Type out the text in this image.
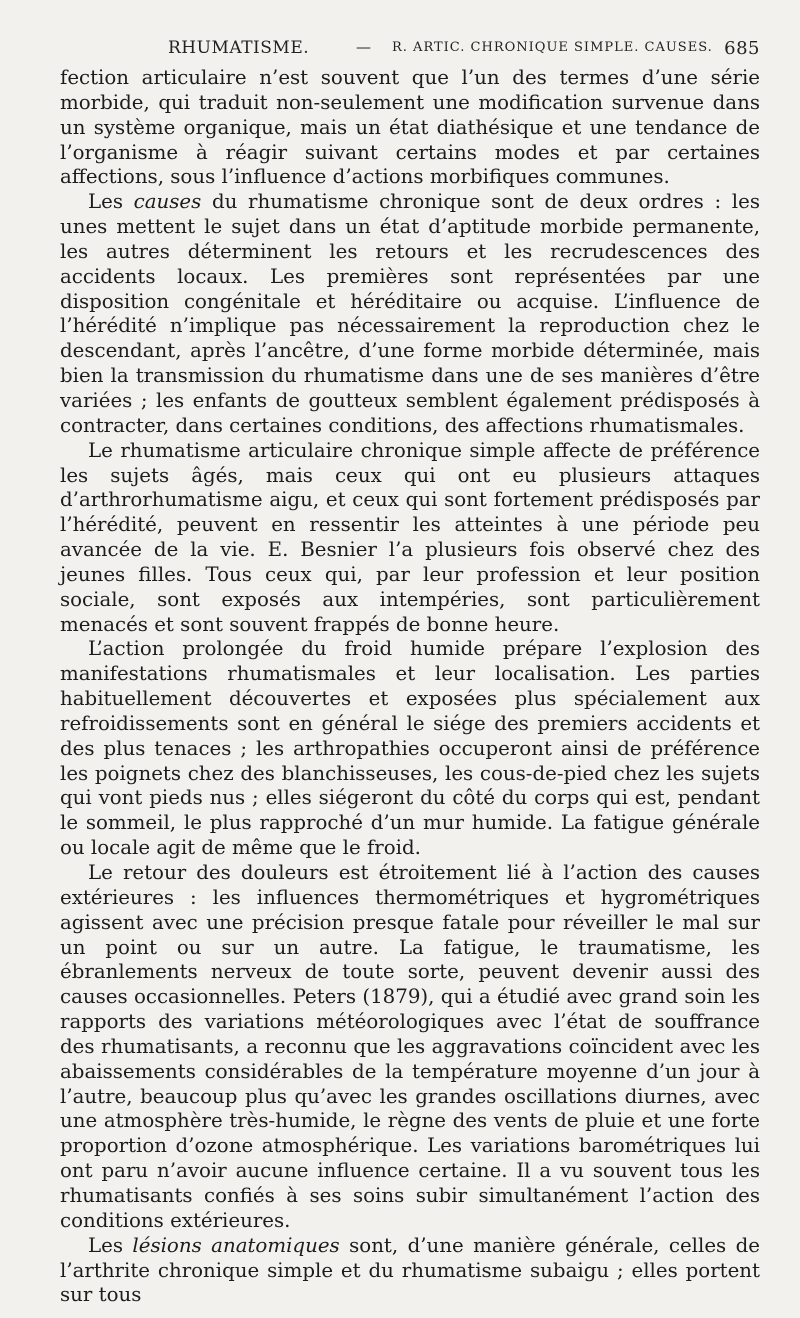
RHUMATISME.	— R. ARTIC. CHRONIQUE SIMPLE. CAUSES. 685

fection articulaire n’est souvent que l’un des termes d’une série morbide, qui traduit non-seulement une modification survenue dans un système organique, mais un état diathésique et une tendance de l’organisme à réagir suivant certains modes et par certaines affections, sous l’influence d’actions morbifiques communes.

Les causes du rhumatisme chronique sont de deux ordres : les unes mettent le sujet dans un état d’aptitude morbide permanente, les autres déterminent les retours et les recrudescences des accidents locaux. Les premières sont représentées par une disposition congénitale et héréditaire ou acquise. L’influence de l’hérédité n’implique pas nécessairement la reproduction chez le descendant, après l’ancêtre, d’une forme morbide déterminée, mais bien la transmission du rhumatisme dans une de ses manières d’être variées ; les enfants de goutteux semblent également prédisposés à contracter, dans certaines conditions, des affections rhumatismales.

Le rhumatisme articulaire chronique simple affecte de préférence les sujets âgés, mais ceux qui ont eu plusieurs attaques d’arthrorhumatisme aigu, et ceux qui sont fortement prédisposés par l’hérédité, peuvent en ressentir les atteintes à une période peu avancée de la vie. E. Besnier l’a plusieurs fois observé chez des jeunes filles. Tous ceux qui, par leur profession et leur position sociale, sont exposés aux intempéries, sont particulièrement menacés et sont souvent frappés de bonne heure.

L’action prolongée du froid humide prépare l’explosion des manifestations rhumatismales et leur localisation. Les parties habituellement découvertes et exposées plus spécialement aux refroidissements sont en général le siége des premiers accidents et des plus tenaces ; les arthropathies occuperont ainsi de préférence les poignets chez des blanchisseuses, les cous-de-pied chez les sujets qui vont pieds nus ; elles siégeront du côté du corps qui est, pendant le sommeil, le plus rapproché d’un mur humide. La fatigue générale ou locale agit de même que le froid.

Le retour des douleurs est étroitement lié à l’action des causes extérieures : les influences thermométriques et hygrométriques agissent avec une précision presque fatale pour réveiller le mal sur un point ou sur un autre. La fatigue, le traumatisme, les ébranlements nerveux de toute sorte, peuvent devenir aussi des causes occasionnelles. Peters (1879), qui a étudié avec grand soin les rapports des variations météorologiques avec l’état de souffrance des rhumatisants, a reconnu que les aggravations coïncident avec les abaissements considérables de la température moyenne d’un jour à l’autre, beaucoup plus qu’avec les grandes oscillations diurnes, avec une atmosphère très-humide, le règne des vents de pluie et une forte proportion d’ozone atmosphérique. Les variations barométriques lui ont paru n’avoir aucune influence certaine. Il a vu souvent tous les rhumatisants confiés à ses soins subir simultanément l’action des conditions extérieures.

Les lésions anatomiques sont, d’une manière générale, celles de l’arthrite chronique simple et du rhumatisme subaigu ; elles portent sur tous
